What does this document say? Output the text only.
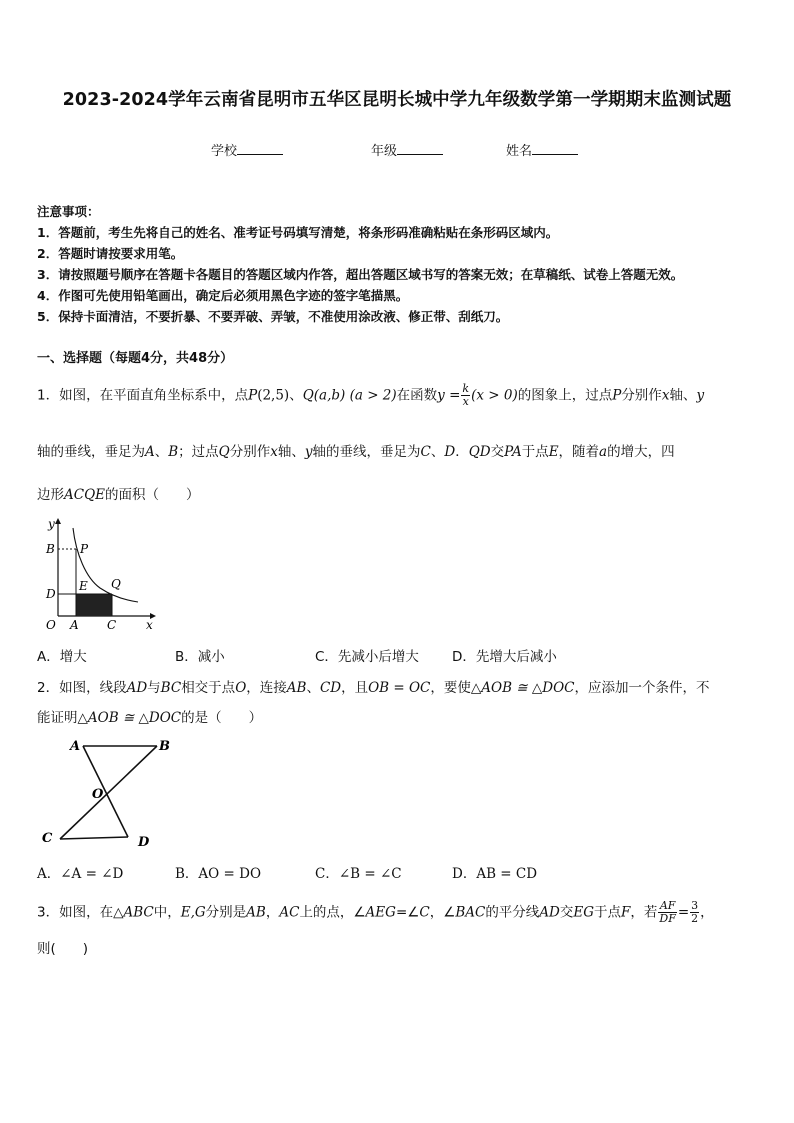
2023-2024学年云南省昆明市五华区昆明长城中学九年级数学第一学期期末监测试题
学校	年级	姓名
注意事项：
1．答题前，考生先将自己的姓名、准考证号码填写清楚，将条形码准确粘贴在条形码区域内。
2．答题时请按要求用笔。
3．请按照题号顺序在答题卡各题目的答题区域内作答，超出答题区域书写的答案无效；在草稿纸、试卷上答题无效。
4．作图可先使用铅笔画出，确定后必须用黑色字迹的签字笔描黑。
5．保持卡面清洁，不要折暴、不要弄破、弄皱，不准使用涂改液、修正带、刮纸刀。
一、选择题（每题4分，共48分）
1．如图，在平面直角坐标系中，点P(2,5)、Q(a,b) (a > 2)在函数$y = \frac{k}{x} (x > 0)$的图象上，过点P分别作x轴、y
轴的垂线，垂足为A、B；过点Q分别作x轴、y轴的垂线，垂足为C、D．QD交PA于点E，随着a的增大，四
边形ACQE的面积（　　）
y
x
B P
E Q
D
O A C
A．增大	B．减小	C．先减小后增大 D．先增大后减小
2．如图，线段AD与BC相交于点O，连接AB、CD，且OB = OC，要使△AOB ≅ △DOC，应添加一个条件，不
能证明△AOB ≅ △DOC的是（　　）
A	B
O
C	D
A．∠A = ∠D	B．AO = DO	C．∠B = ∠C	D．AB = CD
3．如图，在△ABC中，E,G分别是AB，AC上的点，∠AEG=∠C，∠BAC的平分线AD交EG于点F，若 $\frac{AF}{DF} = \frac{3}{2}$ ，
则(　　)
